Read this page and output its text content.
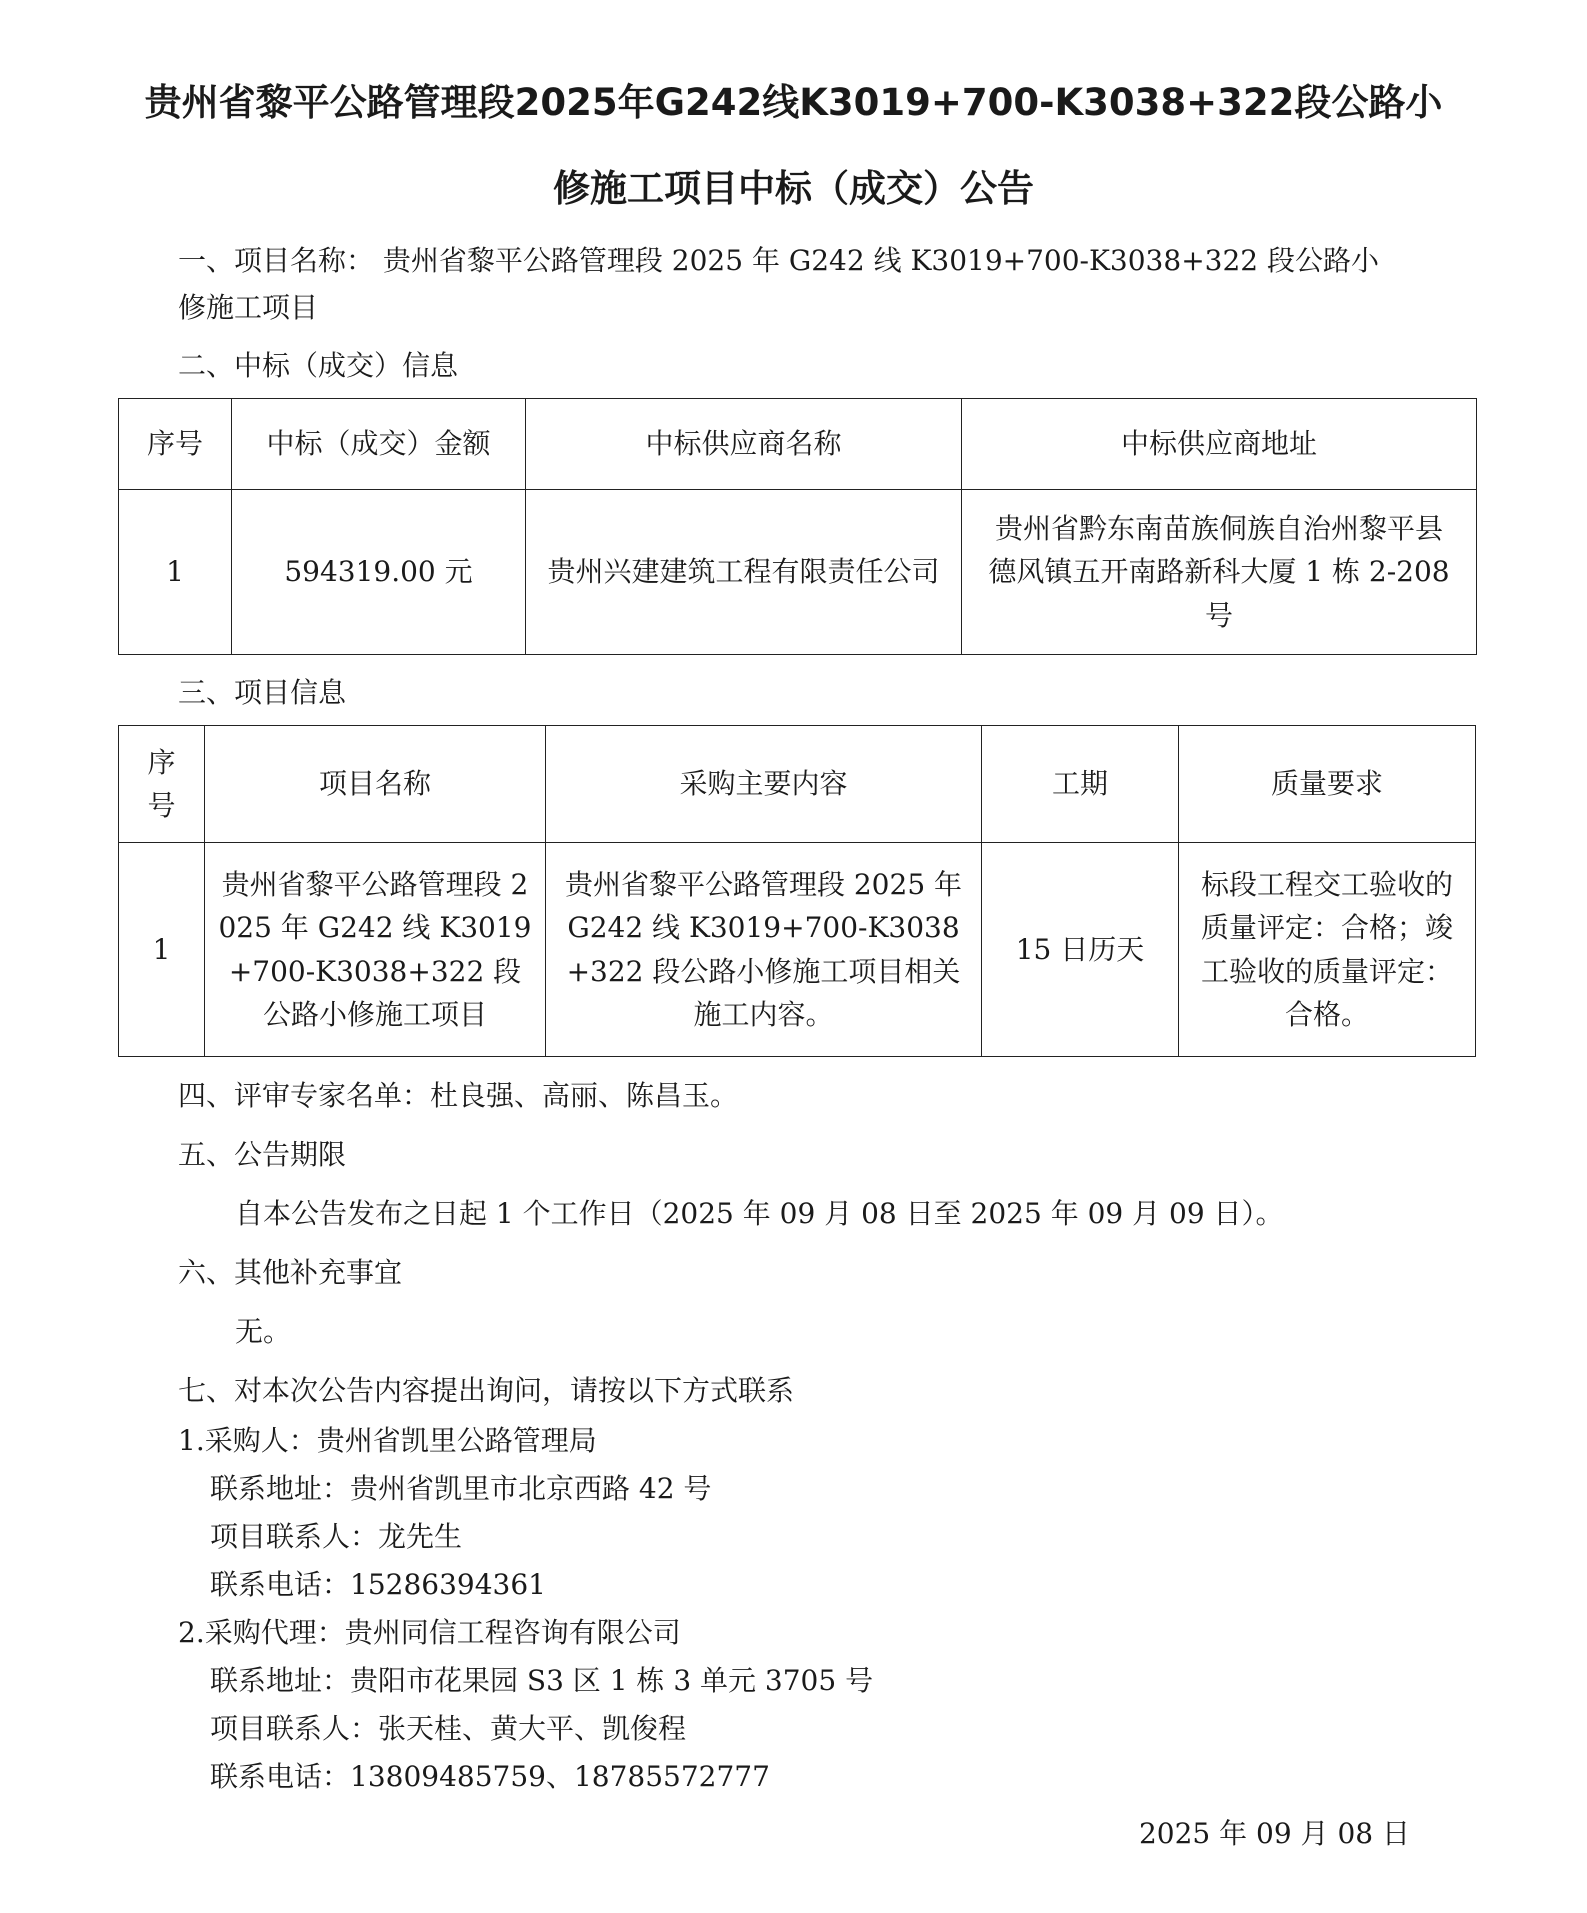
贵州省黎平公路管理段2025年G242线K3019+700-K3038+322段公路小
修施工项目中标（成交）公告
一、项目名称： 贵州省黎平公路管理段 2025 年 G242 线 K3019+700-K3038+322 段公路小
修施工项目
二、中标（成交）信息
序号	中标（成交）金额	中标供应商名称	中标供应商地址
1	594319.00 元	贵州兴建建筑工程有限责任公司	贵州省黔东南苗族侗族自治州黎平县德风镇五开南路新科大厦 1 栋 2-208 号
三、项目信息
序号	项目名称	采购主要内容	工期	质量要求
1	贵州省黎平公路管理段 2025 年 G242 线 K3019+700-K3038+322 段公路小修施工项目	贵州省黎平公路管理段 2025 年 G242 线 K3019+700-K3038 +322 段公路小修施工项目相关施工内容。	15 日历天	标段工程交工验收的质量评定：合格；竣工验收的质量评定：合格。
四、评审专家名单：杜良强、高丽、陈昌玉。
五、公告期限
自本公告发布之日起 1 个工作日（2025 年 09 月 08 日至 2025 年 09 月 09 日）。
六、其他补充事宜
无。
七、对本次公告内容提出询问，请按以下方式联系
1.采购人：贵州省凯里公路管理局
联系地址：贵州省凯里市北京西路 42 号
项目联系人：龙先生
联系电话：15286394361
2.采购代理：贵州同信工程咨询有限公司
联系地址：贵阳市花果园 S3 区 1 栋 3 单元 3705 号
项目联系人：张天桂、黄大平、凯俊程
联系电话：13809485759、18785572777
2025 年 09 月 08 日
